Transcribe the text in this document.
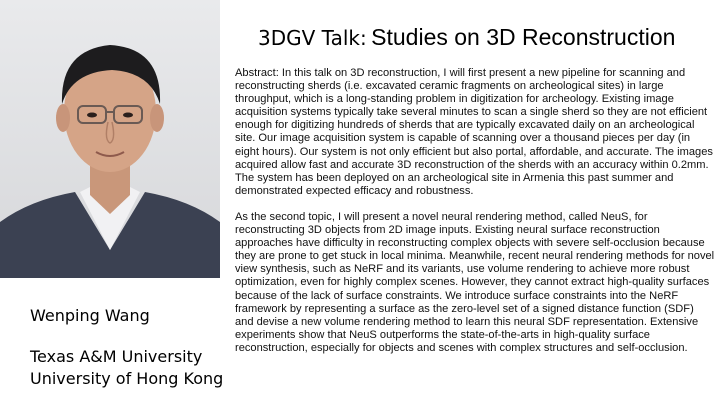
3DGV Talk: Studies on 3D Reconstruction

Abstract: In this talk on 3D reconstruction, I will first present a new pipeline for scanning and reconstructing sherds (i.e. excavated ceramic fragments on archeological sites) in large throughput, which is a long-standing problem in digitization for archeology. Existing image acquisition systems typically take several minutes to scan a single sherd so they are not efficient enough for digitizing hundreds of sherds that are typically excavated daily on an archeological site. Our image acquisition system is capable of scanning over a thousand pieces per day (in eight hours). Our system is not only efficient but also portal, affordable, and accurate. The images acquired allow fast and accurate 3D reconstruction of the sherds with an accuracy within 0.2mm. The system has been deployed on an archeological site in Armenia this past summer and demonstrated expected efficacy and robustness.

As the second topic, I will present a novel neural rendering method, called NeuS, for reconstructing 3D objects from 2D image inputs. Existing neural surface reconstruction approaches have difficulty in reconstructing complex objects with severe self-occlusion because they are prone to get stuck in local minima. Meanwhile, recent neural rendering methods for novel view synthesis, such as NeRF and its variants, use volume rendering to achieve more robust optimization, even for highly complex scenes. However, they cannot extract high-quality surfaces because of the lack of surface constraints. We introduce surface constraints into the NeRF framework by representing a surface as the zero-level set of a signed distance function (SDF) and devise a new volume rendering method to learn this neural SDF representation. Extensive experiments show that NeuS outperforms the state-of-the-arts in high-quality surface reconstruction, especially for objects and scenes with complex structures and self-occlusion.

Wenping Wang
Texas A&M University
University of Hong Kong
